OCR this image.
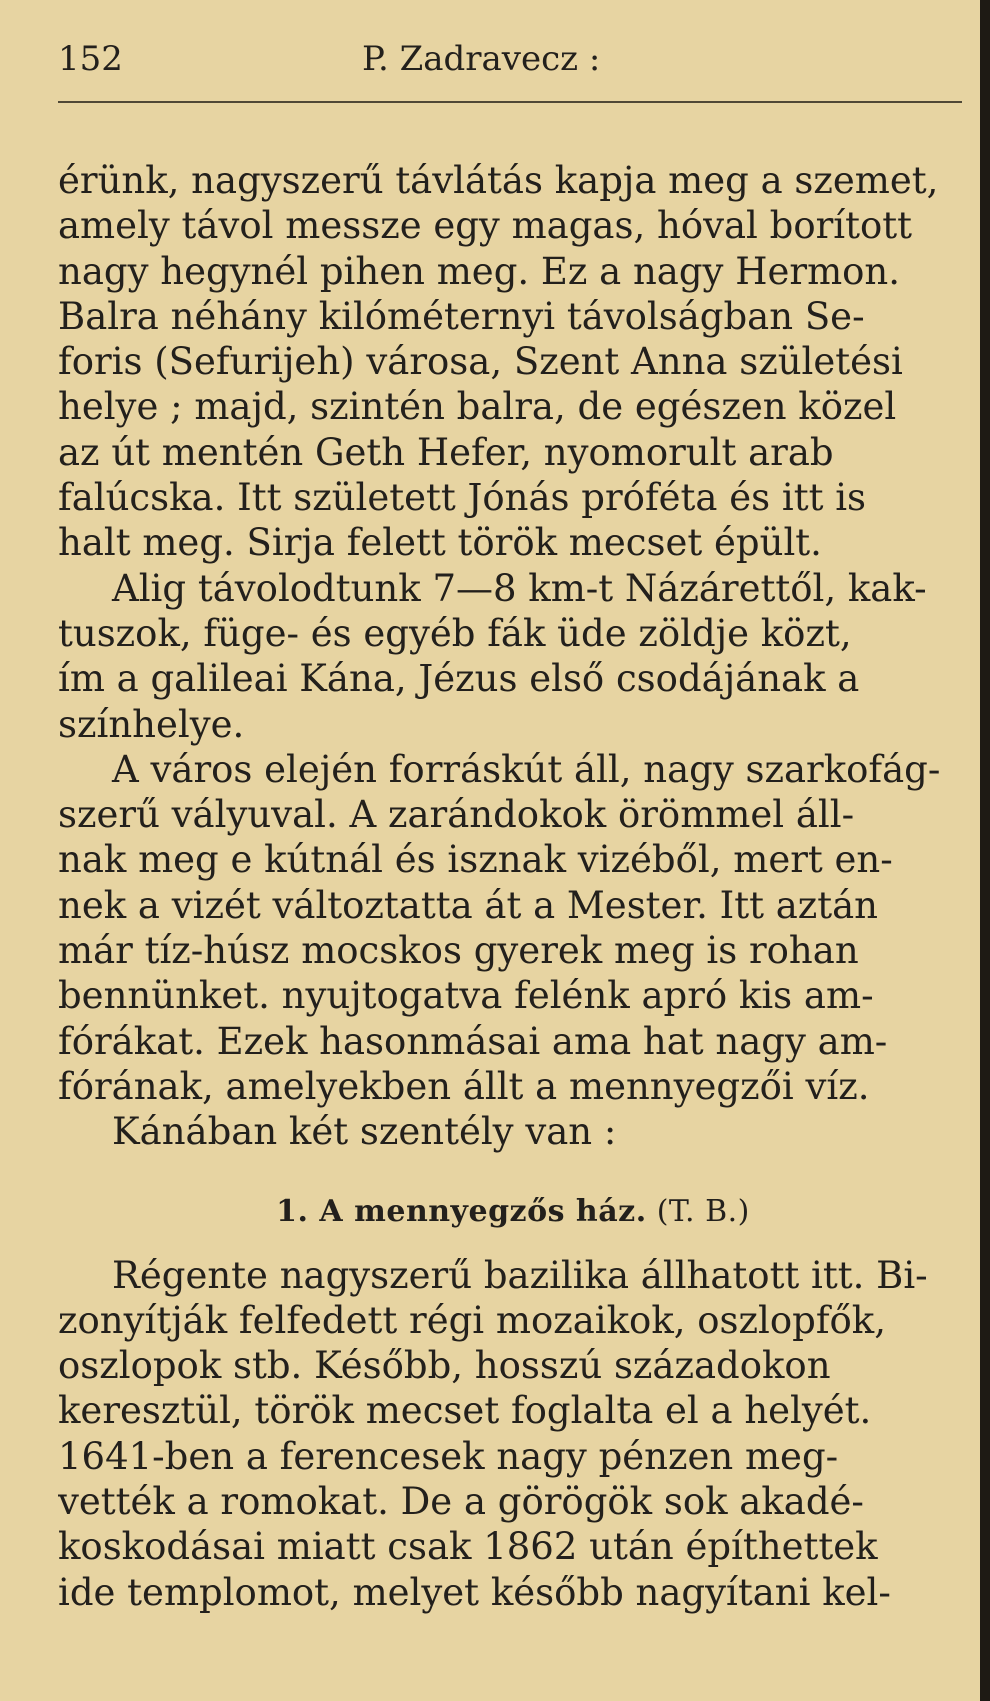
152	P. Zadravecz :
érünk, nagyszerű távlátás kapja meg a szemet,
amely távol messze egy magas, hóval borított
nagy hegynél pihen meg. Ez a nagy Hermon.
Balra néhány kilóméternyi távolságban Se-
foris (Sefurijeh) városa, Szent Anna születési
helye ; majd, szintén balra, de egészen közel
az út mentén Geth Hefer, nyomorult arab
falúcska. Itt született Jónás próféta és itt is
halt meg. Sirja felett török mecset épült.
Alig távolodtunk 7—8 km-t Názárettől, kak-
tuszok, füge- és egyéb fák üde zöldje közt,
ím a galileai Kána, Jézus első csodájának a
színhelye.
A város elején forráskút áll, nagy szarkofág-
szerű vályuval. A zarándokok örömmel áll-
nak meg e kútnál és isznak vizéből, mert en-
nek a vizét változtatta át a Mester. Itt aztán
már tíz-húsz mocskos gyerek meg is rohan
bennünket. nyujtogatva felénk apró kis am-
fórákat. Ezek hasonmásai ama hat nagy am-
fórának, amelyekben állt a mennyegzői víz.
Kánában két szentély van :
1. A mennyegzős ház. (T. B.)
Régente nagyszerű bazilika állhatott itt. Bi-
zonyítják felfedett régi mozaikok, oszlopfők,
oszlopok stb. Később, hosszú századokon
keresztül, török mecset foglalta el a helyét.
1641-ben a ferencesek nagy pénzen meg-
vették a romokat. De a görögök sok akadé-
koskodásai miatt csak 1862 után építhettek
ide templomot, melyet később nagyítani kel-
